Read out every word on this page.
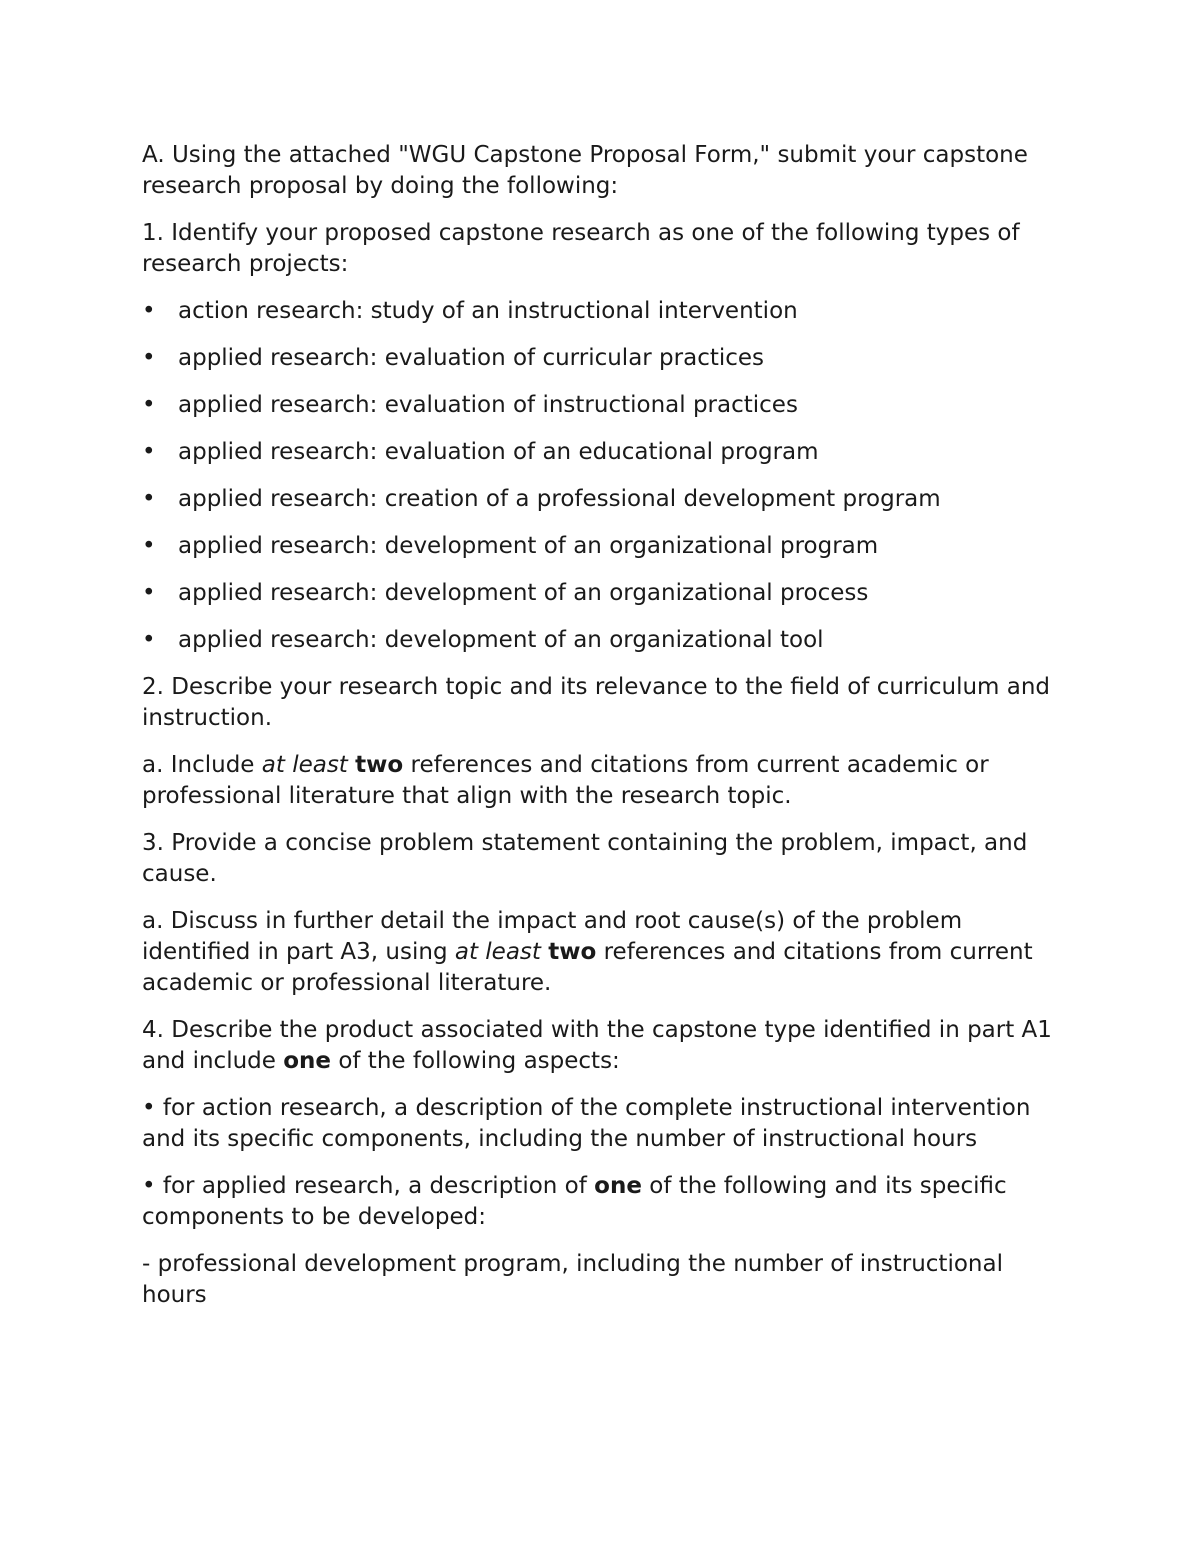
A. Using the attached "WGU Capstone Proposal Form," submit your capstone research proposal by doing the following:

1. Identify your proposed capstone research as one of the following types of research projects:

• action research: study of an instructional intervention
• applied research: evaluation of curricular practices
• applied research: evaluation of instructional practices
• applied research: evaluation of an educational program
• applied research: creation of a professional development program
• applied research: development of an organizational program
• applied research: development of an organizational process
• applied research: development of an organizational tool

2. Describe your research topic and its relevance to the field of curriculum and instruction.

a. Include at least two references and citations from current academic or professional literature that align with the research topic.

3. Provide a concise problem statement containing the problem, impact, and cause.

a. Discuss in further detail the impact and root cause(s) of the problem identified in part A3, using at least two references and citations from current academic or professional literature.

4. Describe the product associated with the capstone type identified in part A1 and include one of the following aspects:

• for action research, a description of the complete instructional intervention and its specific components, including the number of instructional hours

• for applied research, a description of one of the following and its specific components to be developed:

- professional development program, including the number of instructional hours
